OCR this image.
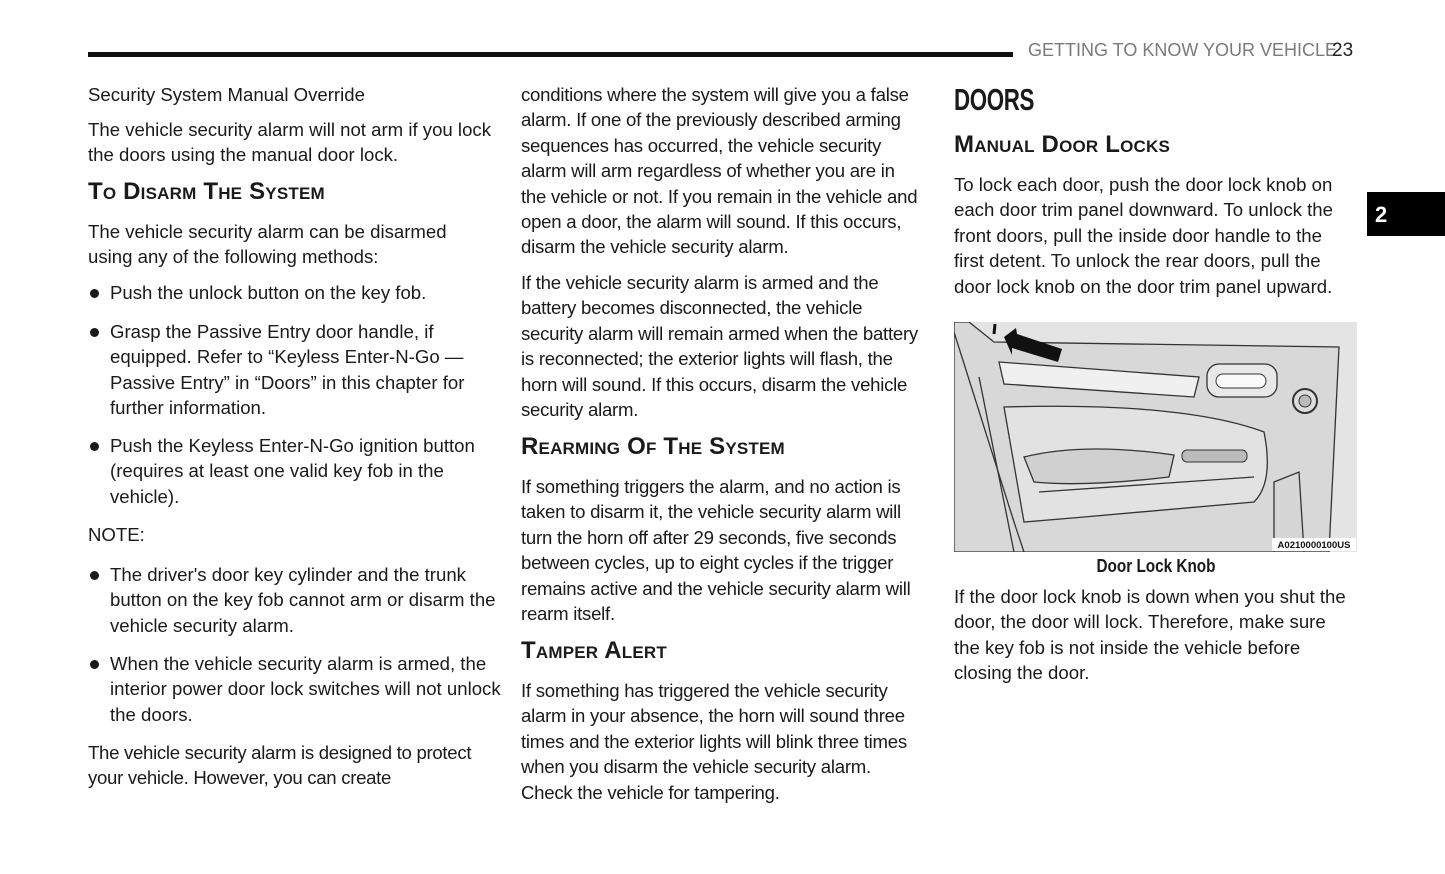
GETTING TO KNOW YOUR VEHICLE
23
2
Security System Manual Override
The vehicle security alarm will not arm if you lock the doors using the manual door lock.
To Disarm The System
The vehicle security alarm can be disarmed using any of the following methods:
Push the unlock button on the key fob.
Grasp the Passive Entry door handle, if equipped. Refer to “Keyless Enter-N-Go — Passive Entry” in “Doors” in this chapter for further information.
Push the Keyless Enter-N-Go ignition button (requires at least one valid key fob in the vehicle).
NOTE:
The driver's door key cylinder and the trunk button on the key fob cannot arm or disarm the vehicle security alarm.
When the vehicle security alarm is armed, the interior power door lock switches will not unlock the doors.
The vehicle security alarm is designed to protect your vehicle. However, you can create
conditions where the system will give you a false alarm. If one of the previously described arming sequences has occurred, the vehicle security alarm will arm regardless of whether you are in the vehicle or not. If you remain in the vehicle and open a door, the alarm will sound. If this occurs, disarm the vehicle security alarm.
If the vehicle security alarm is armed and the battery becomes disconnected, the vehicle security alarm will remain armed when the battery is reconnected; the exterior lights will flash, the horn will sound. If this occurs, disarm the vehicle security alarm.
Rearming Of The System
If something triggers the alarm, and no action is taken to disarm it, the vehicle security alarm will turn the horn off after 29 seconds, five seconds between cycles, up to eight cycles if the trigger remains active and the vehicle security alarm will rearm itself.
Tamper Alert
If something has triggered the vehicle security alarm in your absence, the horn will sound three times and the exterior lights will blink three times when you disarm the vehicle security alarm. Check the vehicle for tampering.
DOORS
Manual Door Locks
To lock each door, push the door lock knob on each door trim panel downward. To unlock the front doors, pull the inside door handle to the first detent. To unlock the rear doors, pull the door lock knob on the door trim panel upward.
A0210000100US
Door Lock Knob
If the door lock knob is down when you shut the door, the door will lock. Therefore, make sure the key fob is not inside the vehicle before closing the door.
